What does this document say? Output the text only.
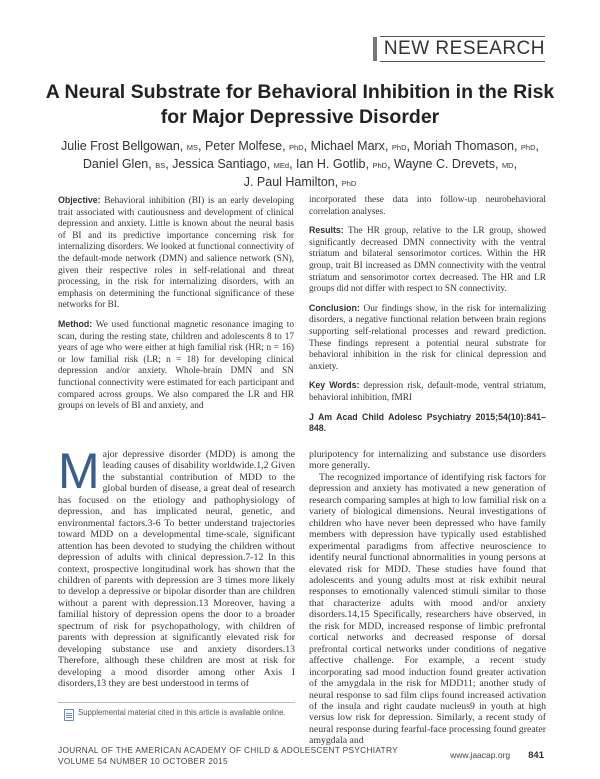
NEW RESEARCH
A Neural Substrate for Behavioral Inhibition in the Risk for Major Depressive Disorder
Julie Frost Bellgowan, MS, Peter Molfese, PhD, Michael Marx, PhD, Moriah Thomason, PhD, Daniel Glen, BS, Jessica Santiago, MEd, Ian H. Gotlib, PhD, Wayne C. Drevets, MD, J. Paul Hamilton, PhD

Objective: Behavioral inhibition (BI) is an early developing trait associated with cautiousness and development of clinical depression and anxiety. Little is known about the neural basis of BI and its predictive importance concerning risk for internalizing disorders. We looked at functional connectivity of the default-mode network (DMN) and salience network (SN), given their respective roles in self-relational and threat processing, in the risk for internalizing disorders, with an emphasis on determining the functional significance of these networks for BI.

Method: We used functional magnetic resonance imaging to scan, during the resting state, children and adolescents 8 to 17 years of age who were either at high familial risk (HR; n = 16) or low familial risk (LR; n = 18) for developing clinical depression and/or anxiety. Whole-brain DMN and SN functional connectivity were estimated for each participant and compared across groups. We also compared the LR and HR groups on levels of BI and anxiety, and

incorporated these data into follow-up neurobehavioral correlation analyses.

Results: The HR group, relative to the LR group, showed significantly decreased DMN connectivity with the ventral striatum and bilateral sensorimotor cortices. Within the HR group, trait BI increased as DMN connectivity with the ventral striatum and sensorimotor cortex decreased. The HR and LR groups did not differ with respect to SN connectivity.

Conclusion: Our findings show, in the risk for internalizing disorders, a negative functional relation between brain regions supporting self-relational processes and reward prediction. These findings represent a potential neural substrate for behavioral inhibition in the risk for clinical depression and anxiety.

Key Words: depression risk, default-mode, ventral striatum, behavioral inhibition, fMRI

J Am Acad Child Adolesc Psychiatry 2015;54(10):841–848.

Major depressive disorder (MDD) is among the leading causes of disability worldwide.1,2 Given the substantial contribution of MDD to the global burden of disease, a great deal of research has focused on the etiology and pathophysiology of depression, and has implicated neural, genetic, and environmental factors.3-6 To better understand trajectories toward MDD on a developmental time-scale, significant attention has been devoted to studying the children without depression of adults with clinical depression.7-12 In this context, prospective longitudinal work has shown that the children of parents with depression are 3 times more likely to develop a depressive or bipolar disorder than are children without a parent with depression.13 Moreover, having a familial history of depression opens the door to a broader spectrum of risk for psychopathology, with children of parents with depression at significantly elevated risk for developing substance use and anxiety disorders.13 Therefore, although these children are most at risk for developing a mood disorder among other Axis I disorders,13 they are best understood in terms of

pluripotency for internalizing and substance use disorders more generally.

The recognized importance of identifying risk factors for depression and anxiety has motivated a new generation of research comparing samples at high to low familial risk on a variety of biological dimensions. Neural investigations of children who have never been depressed who have family members with depression have typically used established experimental paradigms from affective neuroscience to identify neural functional abnormalities in young persons at elevated risk for MDD. These studies have found that adolescents and young adults most at risk exhibit neural responses to emotionally valenced stimuli similar to those that characterize adults with mood and/or anxiety disorders.14,15 Specifically, researchers have observed, in the risk for MDD, increased response of limbic prefrontal cortical networks and decreased response of dorsal prefrontal cortical networks under conditions of negative affective challenge. For example, a recent study incorporating sad mood induction found greater activation of the amygdala in the risk for MDD11; another study of neural response to sad film clips found increased activation of the insula and right caudate nucleus9 in youth at high versus low risk for depression. Similarly, a recent study of neural response during fearful-face processing found greater amygdala and

Supplemental material cited in this article is available online.
JOURNAL OF THE AMERICAN ACADEMY OF CHILD & ADOLESCENT PSYCHIATRY
VOLUME 54 NUMBER 10 OCTOBER 2015
www.jaacap.org 841
